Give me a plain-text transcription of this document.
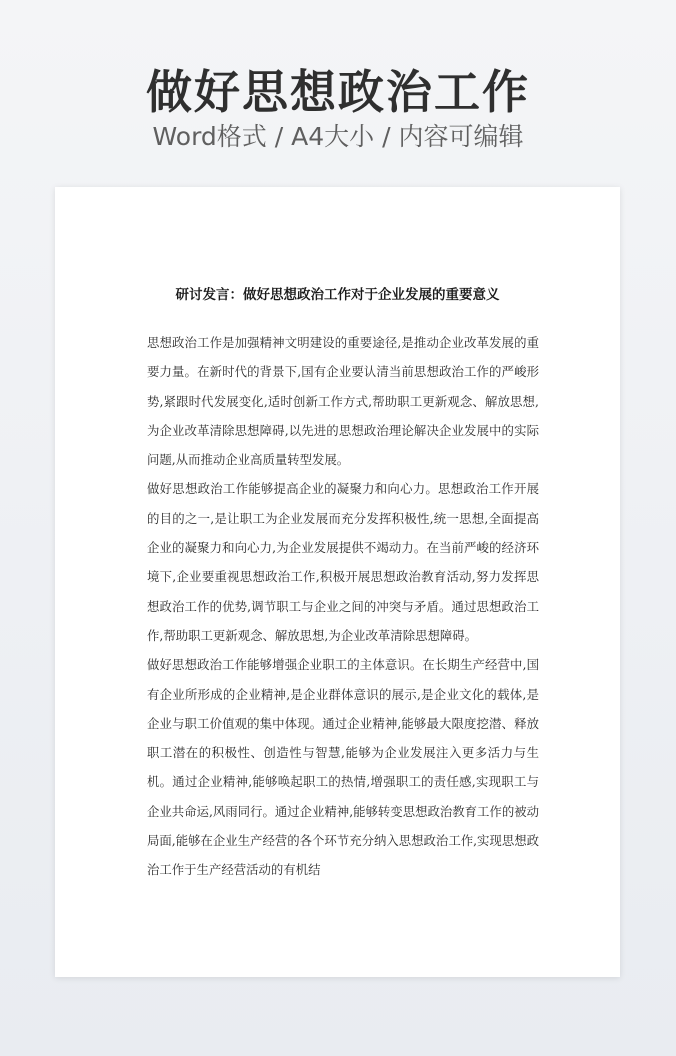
做好思想政治工作
Word格式 / A4大小 / 内容可编辑
研讨发言：做好思想政治工作对于企业发展的重要意义

思想政治工作是加强精神文明建设的重要途径,是推动企业改革发展的重要力量。在新时代的背景下,国有企业要认清当前思想政治工作的严峻形势,紧跟时代发展变化,适时创新工作方式,帮助职工更新观念、解放思想,为企业改革清除思想障碍,以先进的思想政治理论解决企业发展中的实际问题,从而推动企业高质量转型发展。

做好思想政治工作能够提高企业的凝聚力和向心力。思想政治工作开展的目的之一,是让职工为企业发展而充分发挥积极性,统一思想,全面提高企业的凝聚力和向心力,为企业发展提供不竭动力。在当前严峻的经济环境下,企业要重视思想政治工作,积极开展思想政治教育活动,努力发挥思想政治工作的优势,调节职工与企业之间的冲突与矛盾。通过思想政治工作,帮助职工更新观念、解放思想,为企业改革清除思想障碍。

做好思想政治工作能够增强企业职工的主体意识。在长期生产经营中,国有企业所形成的企业精神,是企业群体意识的展示,是企业文化的载体,是企业与职工价值观的集中体现。通过企业精神,能够最大限度挖潜、释放职工潜在的积极性、创造性与智慧,能够为企业发展注入更多活力与生机。通过企业精神,能够唤起职工的热情,增强职工的责任感,实现职工与企业共命运,风雨同行。通过企业精神,能够转变思想政治教育工作的被动局面,能够在企业生产经营的各个环节充分纳入思想政治工作,实现思想政治工作于生产经营活动的有机结
